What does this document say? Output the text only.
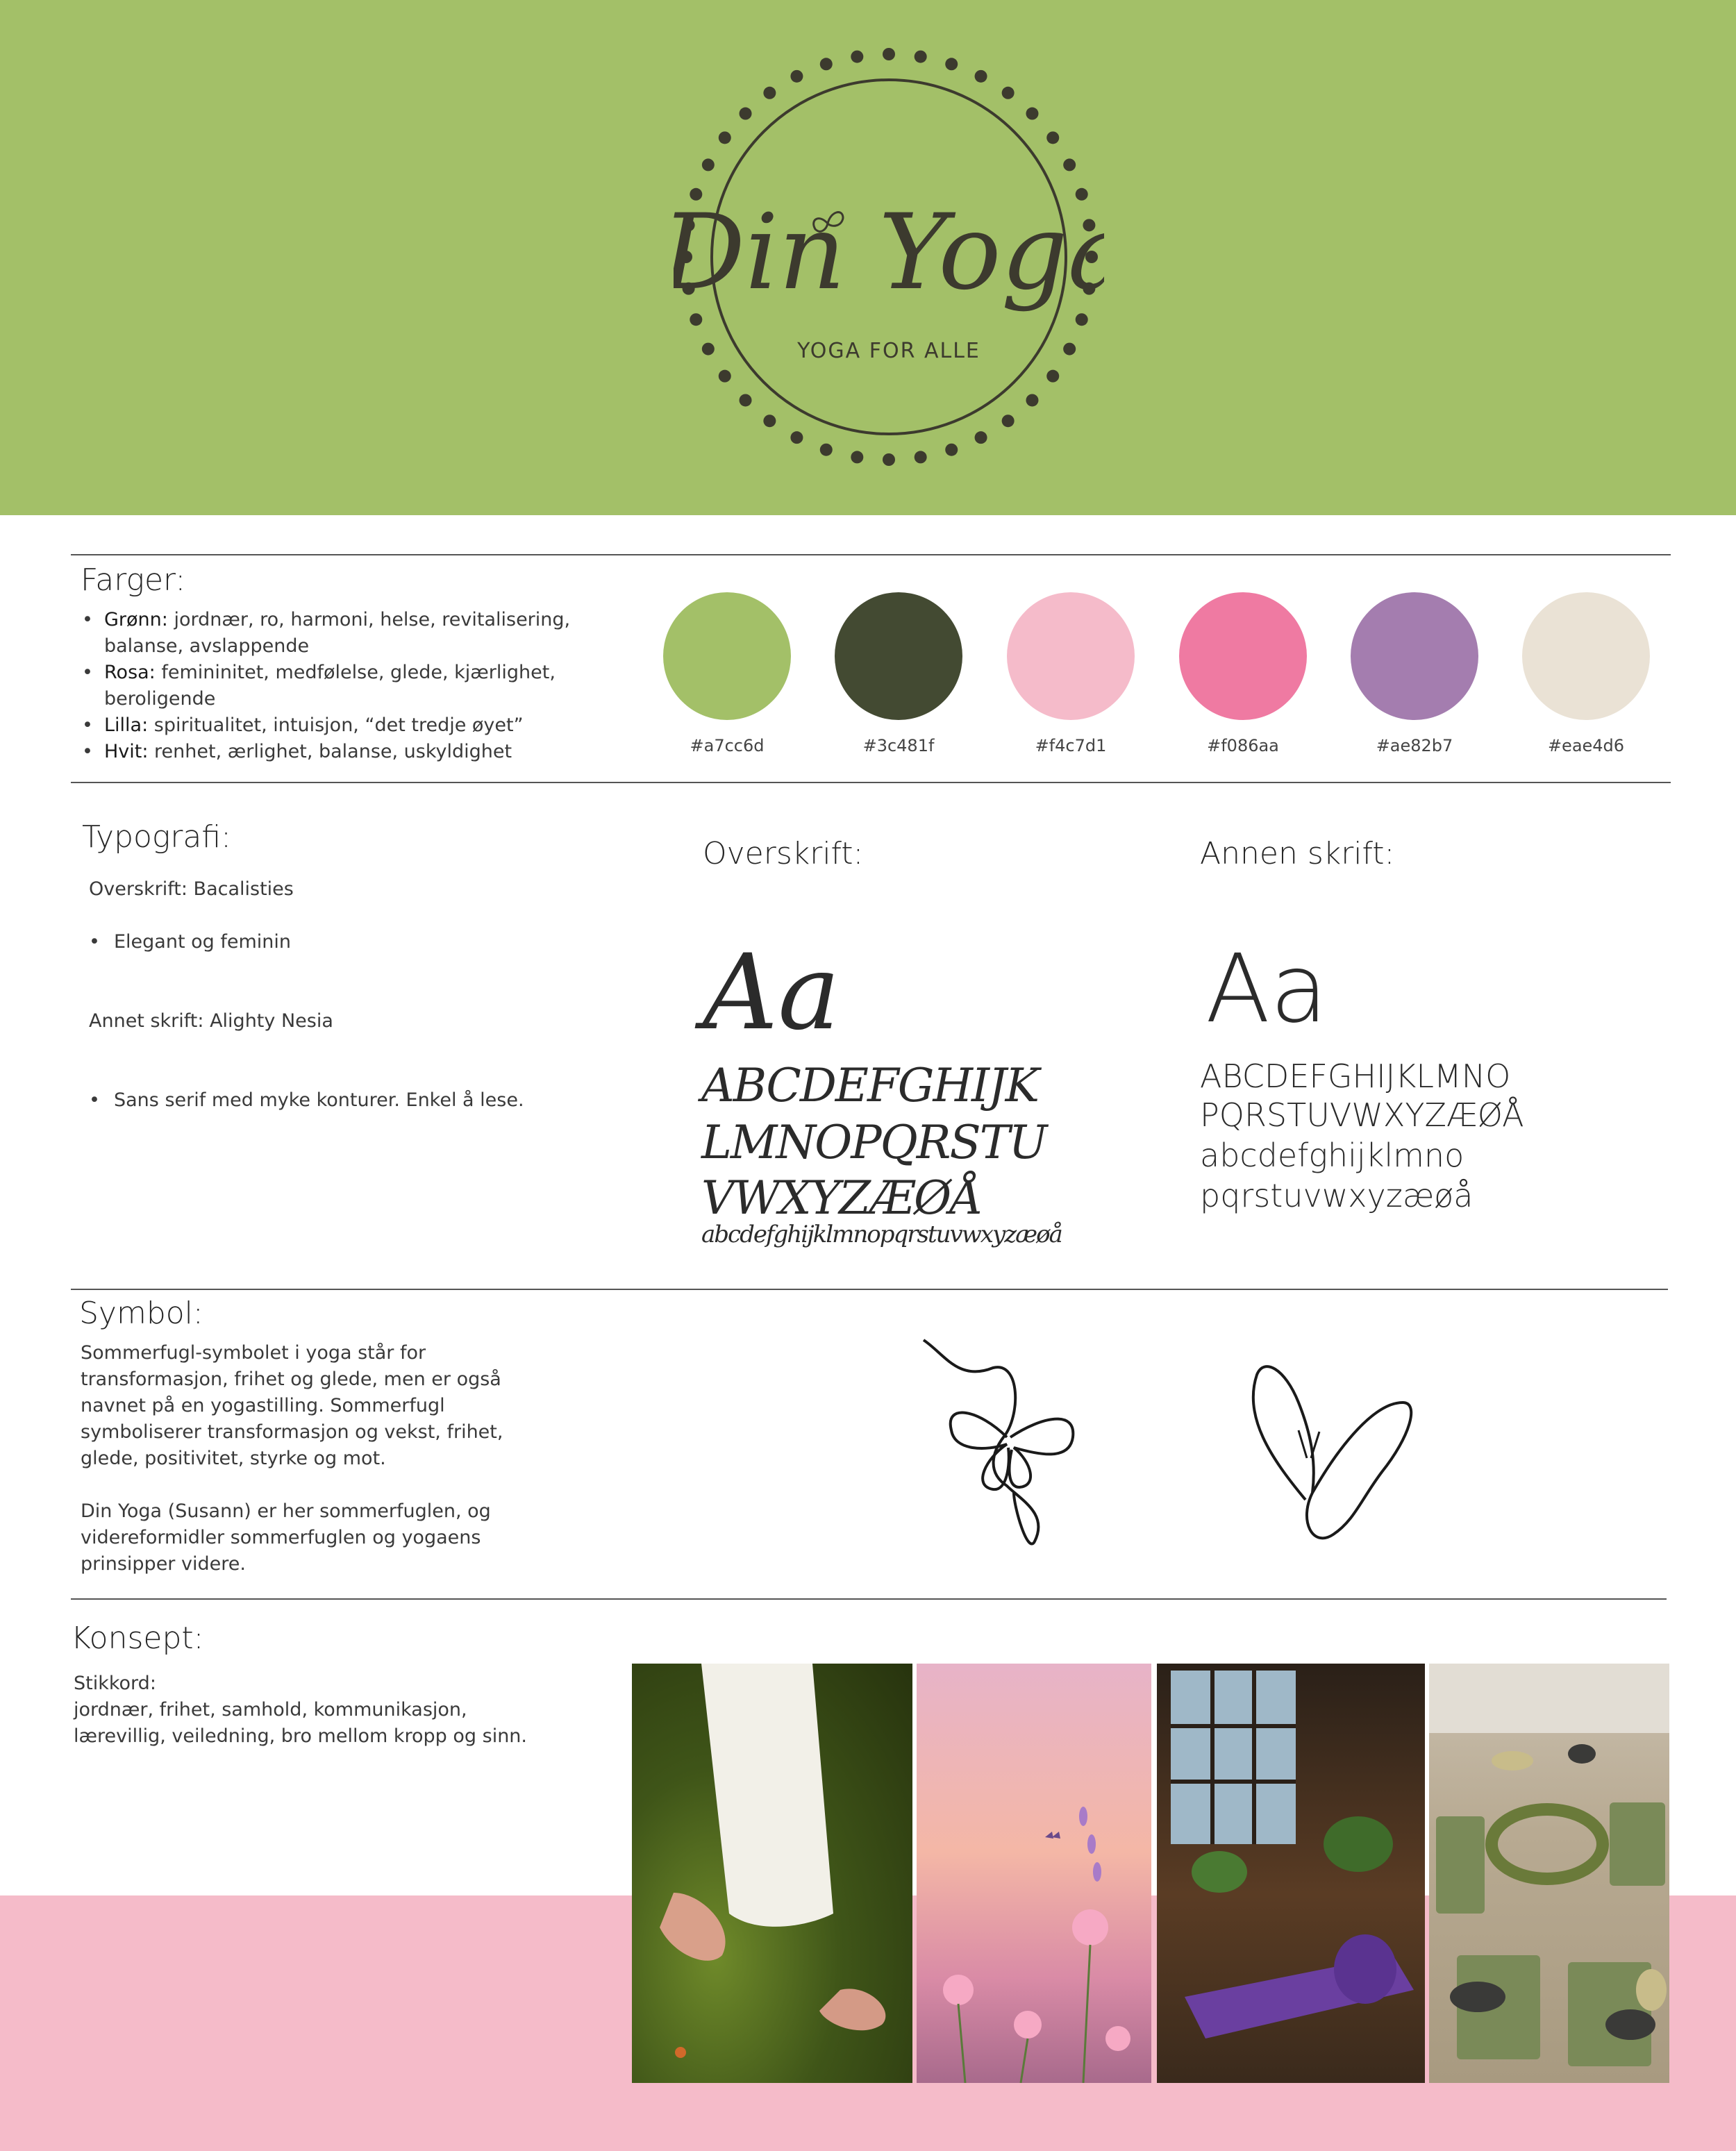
Din Yoga
YOGA FOR ALLE
Farger:
• Grønn: jordnær, ro, harmoni, helse, revitalisering, balanse, avslappende
• Rosa: femininitet, medfølelse, glede, kjærlighet, beroligende
• Lilla: spiritualitet, intuisjon, “det tredje øyet”
• Hvit: renhet, ærlighet, balanse, uskyldighet	#a7cc6d	#3c481f	#f4c7d1	#f086aa	#ae82b7	#eae4d6
Typografi:
Overskrift: Bacalisties
• Elegant og feminin
Annet skrift: Alighty Nesia
• Sans serif med myke konturer. Enkel å lese.
Overskrift:	Annen skrift:
Aa
ABCDEFGHIJK
LMNOPQRSTU
VWXYZÆØÅ
abcdefghijklmnopqrstuvwxyzæøå
Aa
ABCDEFGHIJKLMNO
PQRSTUVWXYZÆØÅ
abcdefghijklmno
pqrstuvwxyzæøå
Symbol:

Sommerfugl-symbolet i yoga står for transformasjon, frihet og glede, men er også navnet på en yogastilling. Sommerfugl symboliserer transformasjon og vekst, frihet, glede, positivitet, styrke og mot.

Din Yoga (Susann) er her sommerfuglen, og videreformidler sommerfuglen og yogaens prinsipper videre.

Konsept:
Stikkord:
jordnær, frihet, samhold, kommunikasjon, lærevillig, veiledning, bro mellom kropp og sinn.
